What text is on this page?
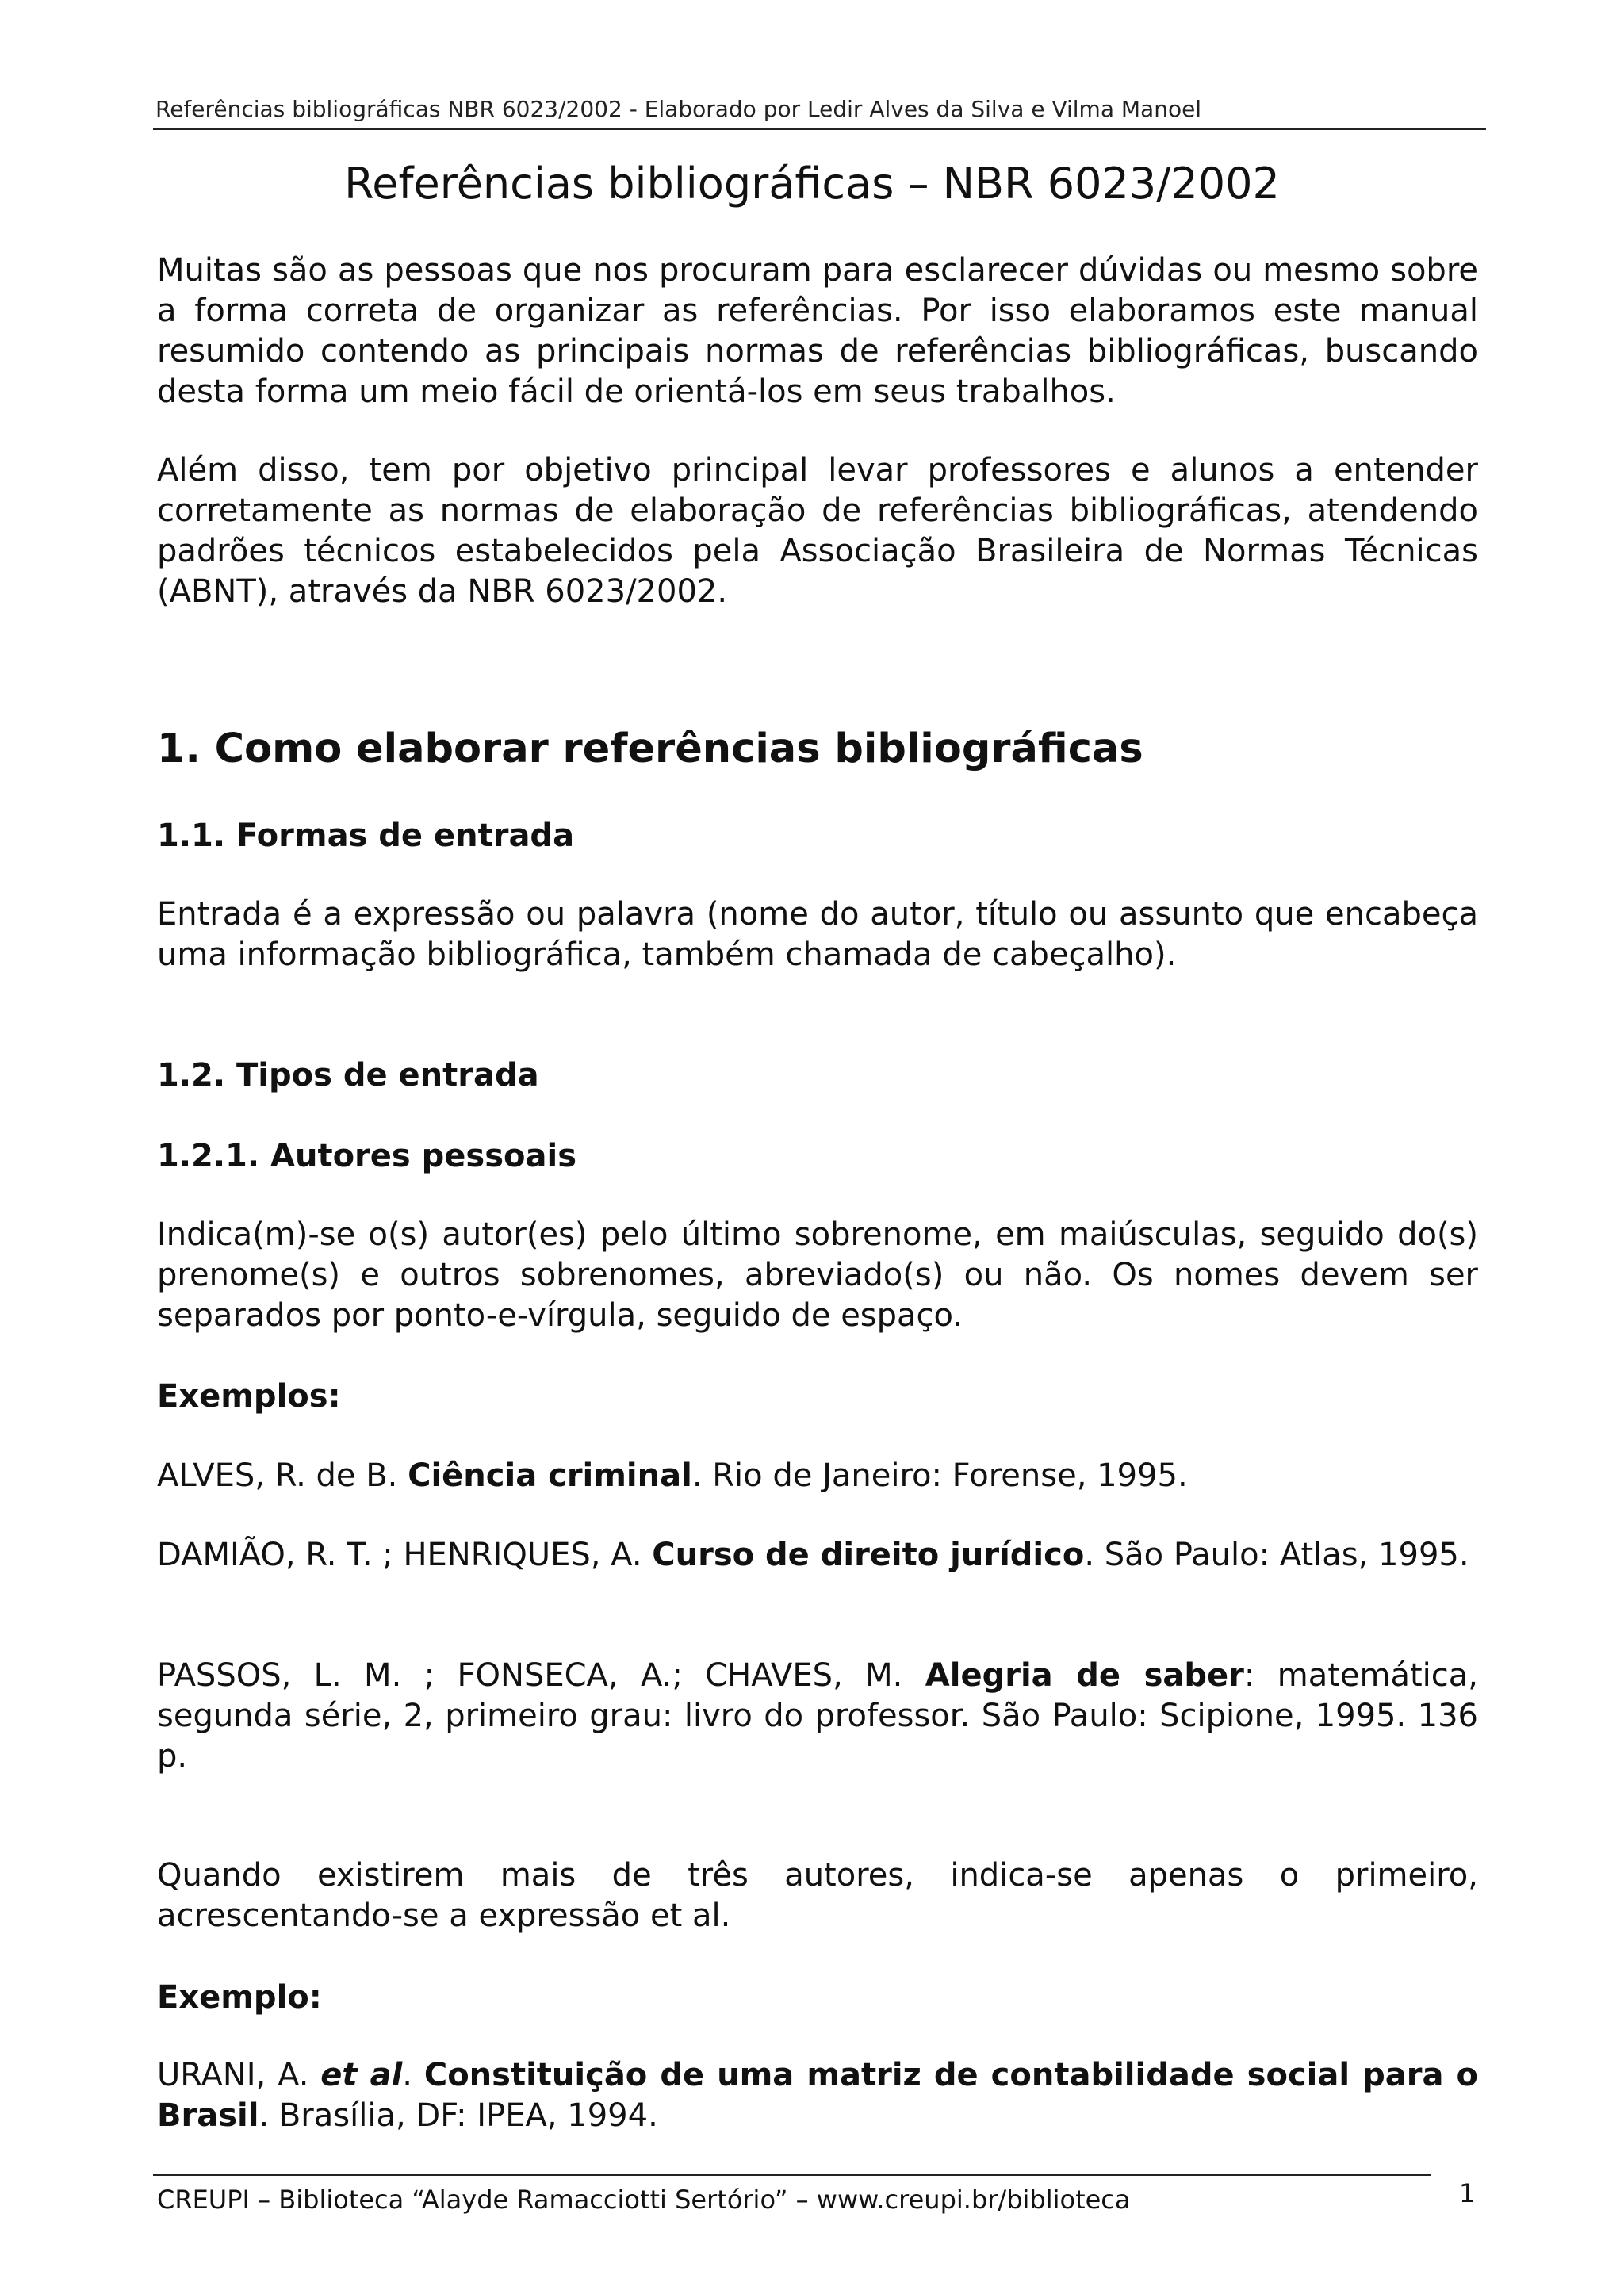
Referências bibliográficas NBR 6023/2002 - Elaborado por Ledir Alves da Silva e Vilma Manoel

Referências bibliográficas – NBR 6023/2002

Muitas são as pessoas que nos procuram para esclarecer dúvidas ou mesmo sobre a forma correta de organizar as referências. Por isso elaboramos este manual resumido contendo as principais normas de referências bibliográficas, buscando desta forma um meio fácil de orientá-los em seus trabalhos.

Além disso, tem por objetivo principal levar professores e alunos a entender corretamente as normas de elaboração de referências bibliográficas, atendendo padrões técnicos estabelecidos pela Associação Brasileira de Normas Técnicas (ABNT), através da NBR 6023/2002.

1. Como elaborar referências bibliográficas
1.1. Formas de entrada

Entrada é a expressão ou palavra (nome do autor, título ou assunto que encabeça uma informação bibliográfica, também chamada de cabeçalho).

1.2. Tipos de entrada
1.2.1. Autores pessoais

Indica(m)-se o(s) autor(es) pelo último sobrenome, em maiúsculas, seguido do(s) prenome(s) e outros sobrenomes, abreviado(s) ou não. Os nomes devem ser separados por ponto-e-vírgula, seguido de espaço.

Exemplos:

ALVES, R. de B. Ciência criminal. Rio de Janeiro: Forense, 1995.

DAMIÃO, R. T. ; HENRIQUES, A. Curso de direito jurídico. São Paulo: Atlas, 1995.

PASSOS, L. M. ; FONSECA, A.; CHAVES, M. Alegria de saber: matemática, segunda série, 2, primeiro grau: livro do professor. São Paulo: Scipione, 1995. 136 p.

Quando existirem mais de três autores, indica-se apenas o primeiro, acrescentando-se a expressão et al.

Exemplo:

URANI, A. et al. Constituição de uma matriz de contabilidade social para o Brasil. Brasília, DF: IPEA, 1994.

CREUPI – Biblioteca “Alayde Ramacciotti Sertório” – www.creupi.br/biblioteca	1
